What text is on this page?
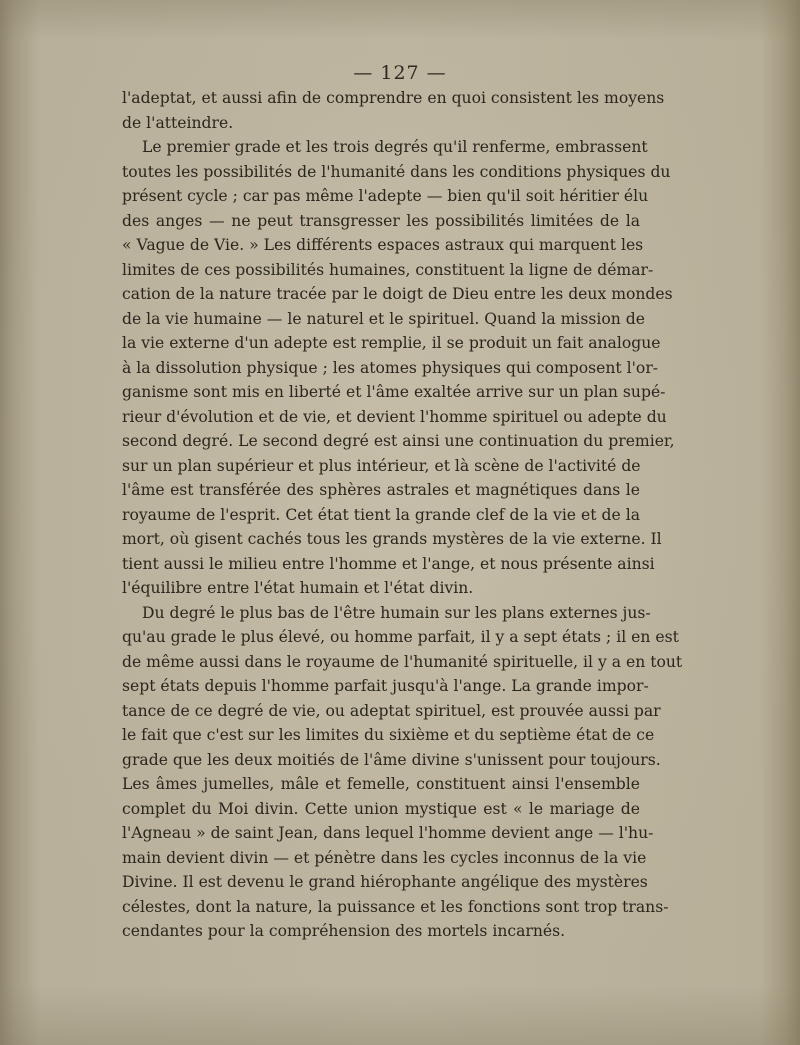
— 127 —
l'adeptat, et aussi afin de comprendre en quoi consistent les moyens
de l'atteindre.
Le premier grade et les trois degrés qu'il renferme, embrassent
toutes les possibilités de l'humanité dans les conditions physiques du
présent cycle ; car pas même l'adepte — bien qu'il soit héritier élu
des anges — ne peut transgresser les possibilités limitées de la
« Vague de Vie. » Les différents espaces astraux qui marquent les
limites de ces possibilités humaines, constituent la ligne de démar-
cation de la nature tracée par le doigt de Dieu entre les deux mondes
de la vie humaine — le naturel et le spirituel. Quand la mission de
la vie externe d'un adepte est remplie, il se produit un fait analogue
à la dissolution physique ; les atomes physiques qui composent l'or-
ganisme sont mis en liberté et l'âme exaltée arrive sur un plan supé-
rieur d'évolution et de vie, et devient l'homme spirituel ou adepte du
second degré. Le second degré est ainsi une continuation du premier,
sur un plan supérieur et plus intérieur, et là scène de l'activité de
l'âme est transférée des sphères astrales et magnétiques dans le
royaume de l'esprit. Cet état tient la grande clef de la vie et de la
mort, où gisent cachés tous les grands mystères de la vie externe. Il
tient aussi le milieu entre l'homme et l'ange, et nous présente ainsi
l'équilibre entre l'état humain et l'état divin.
Du degré le plus bas de l'être humain sur les plans externes jus-
qu'au grade le plus élevé, ou homme parfait, il y a sept états ; il en est
de même aussi dans le royaume de l'humanité spirituelle, il y a en tout
sept états depuis l'homme parfait jusqu'à l'ange. La grande impor-
tance de ce degré de vie, ou adeptat spirituel, est prouvée aussi par
le fait que c'est sur les limites du sixième et du septième état de ce
grade que les deux moitiés de l'âme divine s'unissent pour toujours.
Les âmes jumelles, mâle et femelle, constituent ainsi l'ensemble
complet du Moi divin. Cette union mystique est « le mariage de
l'Agneau » de saint Jean, dans lequel l'homme devient ange — l'hu-
main devient divin — et pénètre dans les cycles inconnus de la vie
Divine. Il est devenu le grand hiérophante angélique des mystères
célestes, dont la nature, la puissance et les fonctions sont trop trans-
cendantes pour la compréhension des mortels incarnés.
